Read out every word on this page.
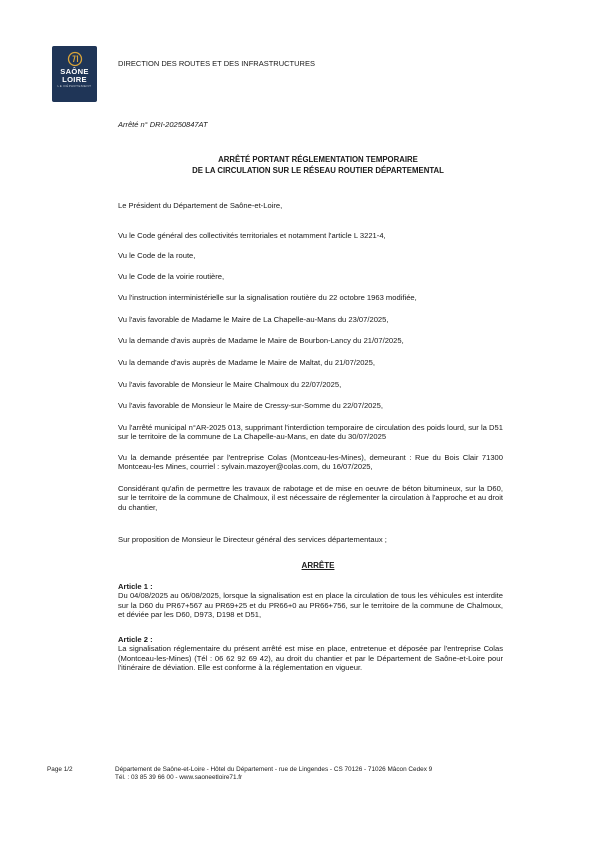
SAÔNE
LOIRE
LE DÉPARTEMENT
DIRECTION DES ROUTES ET DES INFRASTRUCTURES
Arrêté n° DRI-20250847AT
ARRÊTÉ PORTANT RÉGLEMENTATION TEMPORAIRE
DE LA CIRCULATION SUR LE RÉSEAU ROUTIER DÉPARTEMENTAL
Le Président du Département de Saône-et-Loire,
Vu le Code général des collectivités territoriales et notamment l'article L 3221-4,
Vu le Code de la route,
Vu le Code de la voirie routière,
Vu l'instruction interministérielle sur la signalisation routière du 22 octobre 1963 modifiée,
Vu l'avis favorable de Madame le Maire de La Chapelle-au-Mans du 23/07/2025,
Vu la demande d'avis auprès de Madame le Maire de Bourbon-Lancy du 21/07/2025,
Vu la demande d'avis auprès de Madame le Maire de Maltat, du 21/07/2025,
Vu l'avis favorable de Monsieur le Maire Chalmoux du 22/07/2025,
Vu l'avis favorable de Monsieur le Maire de Cressy-sur-Somme du 22/07/2025,
Vu l'arrêté municipal n°AR-2025 013, supprimant l'interdiction temporaire de circulation des poids lourd, sur la D51 sur le territoire de la commune de La Chapelle-au-Mans, en date du 30/07/2025
Vu la demande présentée par l'entreprise Colas (Montceau-les-Mines), demeurant : Rue du Bois Clair 71300 Montceau-les Mines, courriel : sylvain.mazoyer@colas.com, du 16/07/2025,
Considérant qu'afin de permettre les travaux de rabotage et de mise en oeuvre de béton bitumineux, sur la D60, sur le territoire de la commune de Chalmoux, il est nécessaire de réglementer la circulation à l'approche et au droit du chantier,
Sur proposition de Monsieur le Directeur général des services départementaux ;
ARRÊTE
Article 1 :
Du 04/08/2025 au 06/08/2025, lorsque la signalisation est en place la circulation de tous les véhicules est interdite sur la D60 du PR67+567 au PR69+25 et du PR66+0 au PR66+756, sur le territoire de la commune de Chalmoux, et déviée par les D60, D973, D198 et D51,
Article 2 :
La signalisation réglementaire du présent arrêté est mise en place, entretenue et déposée par l'entreprise Colas (Montceau-les-Mines) (Tél : 06 62 92 69 42), au droit du chantier et par le Département de Saône-et-Loire pour l'itinéraire de déviation. Elle est conforme à la réglementation en vigueur.
Page 1/2	Département de Saône-et-Loire - Hôtel du Département - rue de Lingendes - CS 70126 - 71026 Mâcon Cedex 9
Tél. : 03 85 39 66 00 - www.saoneetloire71.fr
